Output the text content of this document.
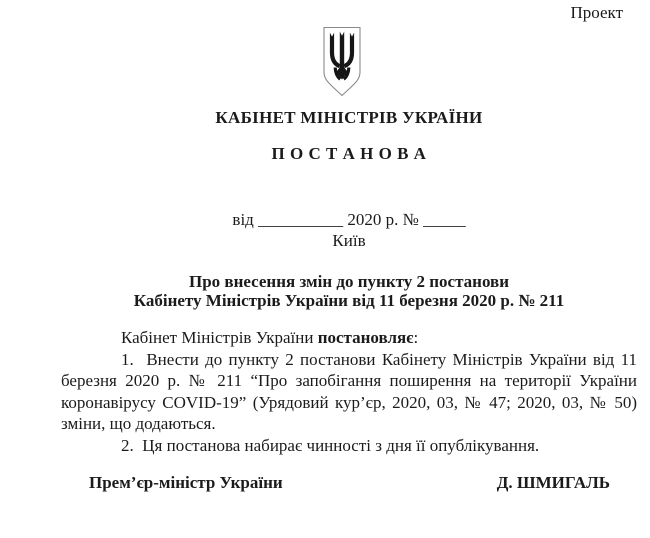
Проект
КАБІНЕТ МІНІСТРІВ УКРАЇНИ
П О С Т А Н О В А
від __________ 2020 р. № _____
Київ
Про внесення змін до пункту 2 постанови
Кабінету Міністрів України від 11 березня 2020 р. № 211

Кабінет Міністрів України постановляє:

1.  Внести до пункту 2 постанови Кабінету Міністрів України від 11

березня 2020 р. № 211 “Про запобігання поширення на території України

коронавірусу COVID-19” (Урядовий кур’єр, 2020, 03, № 47; 2020, 03, № 50)

зміни, що додаються.

2.  Ця постанова набирає чинності з дня її опублікування.

Прем’єр-міністр України	Д. ШМИГАЛЬ
